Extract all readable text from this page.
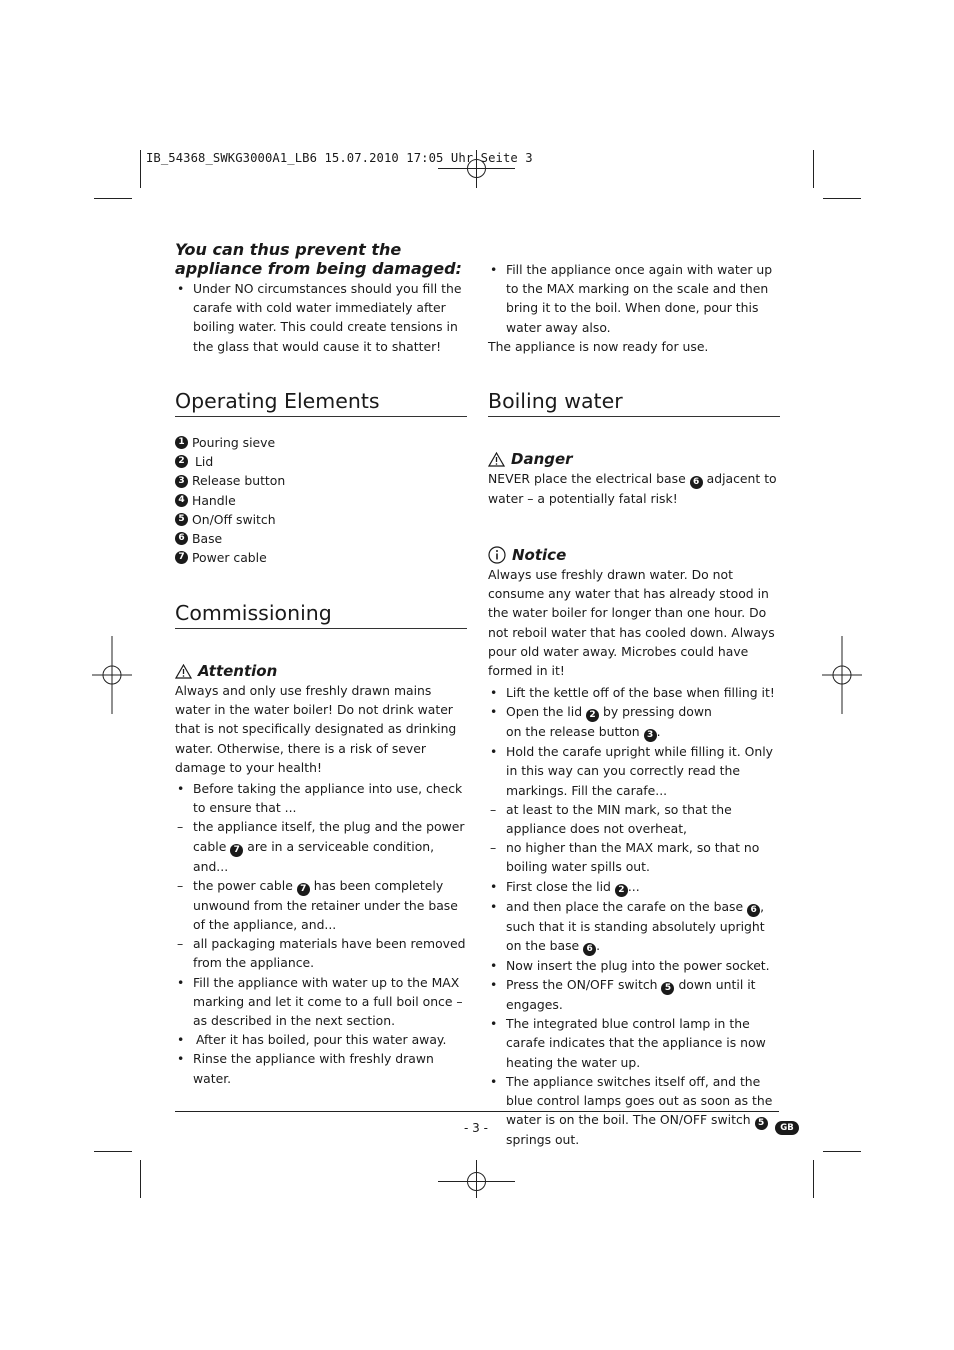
IB_54368_SWKG3000A1_LB6 15.07.2010 17:05 Uhr Seite 3

You can thus prevent the appliance from being damaged:

• Under NO circumstances should you fill the carafe with cold water immediately after boiling water. This could create tensions in the glass that would cause it to shatter!
Operating Elements
1 Pouring sieve
2 Lid
3 Release button
4 Handle
5 On/Off switch
6 Base
7 Power cable
Commissioning
Attention

Always and only use freshly drawn mains water in the water boiler! Do not drink water that is not specifically designated as drinking water. Otherwise, there is a risk of sever damage to your health!

• Before taking the appliance into use, check to ensure that ...
– the appliance itself, the plug and the power cable 7 are in a serviceable condition, and...
– the power cable 7 has been completely unwound from the retainer under the base of the appliance, and...
– all packaging materials have been removed from the appliance.
• Fill the appliance with water up to the MAX marking and let it come to a full boil once – as described in the next section.
• After it has boiled, pour this water away.
• Rinse the appliance with freshly drawn water.
• Fill the appliance once again with water up to the MAX marking on the scale and then bring it to the boil. When done, pour this water away also.

The appliance is now ready for use.

Boiling water
Danger

NEVER place the electrical base 6 adjacent to water – a potentially fatal risk!

Notice

Always use freshly drawn water. Do not consume any water that has already stood in the water boiler for longer than one hour. Do not reboil water that has cooled down. Always pour old water away. Microbes could have formed in it!

• Lift the kettle off of the base when filling it!
• Open the lid 2 by pressing down
on the release button 3 .
• Hold the carafe upright while filling it. Only in this way can you correctly read the markings. Fill the carafe...
– at least to the MIN mark, so that the appliance does not overheat,
– no higher than the MAX mark, so that no boiling water spills out.
• First close the lid 2 ...
• and then place the carafe on the base 6 , such that it is standing absolutely upright on the base 6 .
• Now insert the plug into the power socket.
• Press the ON/OFF switch 5 down until it engages.
• The integrated blue control lamp in the carafe indicates that the appliance is now heating the water up.
• The appliance switches itself off, and the blue control lamps goes out as soon as the water is on the boil. The ON/OFF switch 5 springs out.
- 3 -	GB
